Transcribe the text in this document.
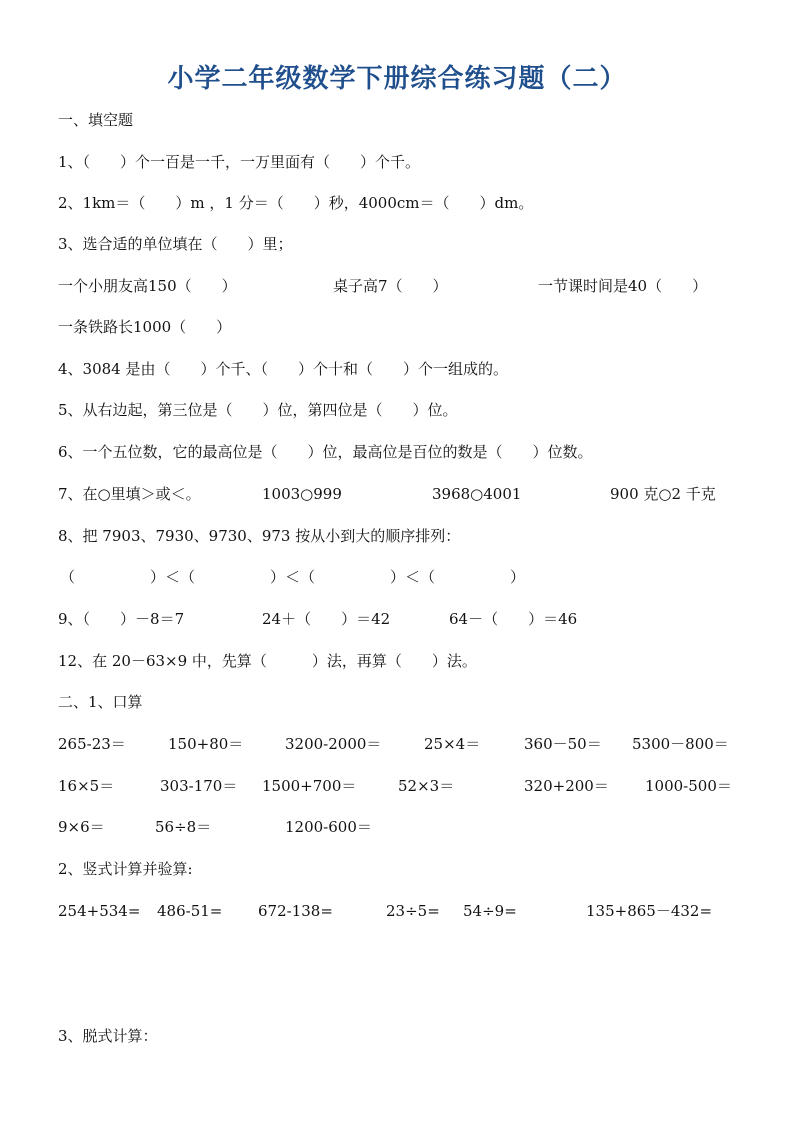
小学二年级数学下册综合练习题（二）
一、填空题
1、（　　）个一百是一千，一万里面有（　　）个千。
2、1km＝（　　）m ，1 分＝（　　）秒，4000cm＝（　　）dm。
3、选合适的单位填在（　　）里；
一个小朋友高150（　　）	桌子高7（　　）	一节课时间是40（　　）
一条铁路长1000（　　）
4、3084 是由（　　）个千、（　　）个十和（　　）个一组成的。
5、从右边起，第三位是（　　）位，第四位是（　　）位。
6、一个五位数，它的最高位是（　　）位，最高位是百位的数是（　　）位数。
7、在○里填＞或＜。	1003○999	3968○4001	900 克○2 千克
8、把 7903、7930、9730、973 按从小到大的顺序排列：
（　　　　　）＜（　　　　　）＜（　　　　　）＜（　　　　　）
9、（　　）－8＝7	24＋（　　）＝42	64－（　　）＝46
12、在 20－63×9 中，先算（　　　）法，再算（　　）法。
二、1、口算
265-23＝	150+80＝	3200-2000＝	25×4＝	360－50＝ 5300－800＝
16×5＝	303-170＝ 1500+700＝	52×3＝	320+200＝ 1000-500＝
9×6＝	56÷8＝	1200-600＝
2、竖式计算并验算:
254+534= 486-51= 672-138=	23÷5= 54÷9=	135+865－432=
3、脱式计算：
